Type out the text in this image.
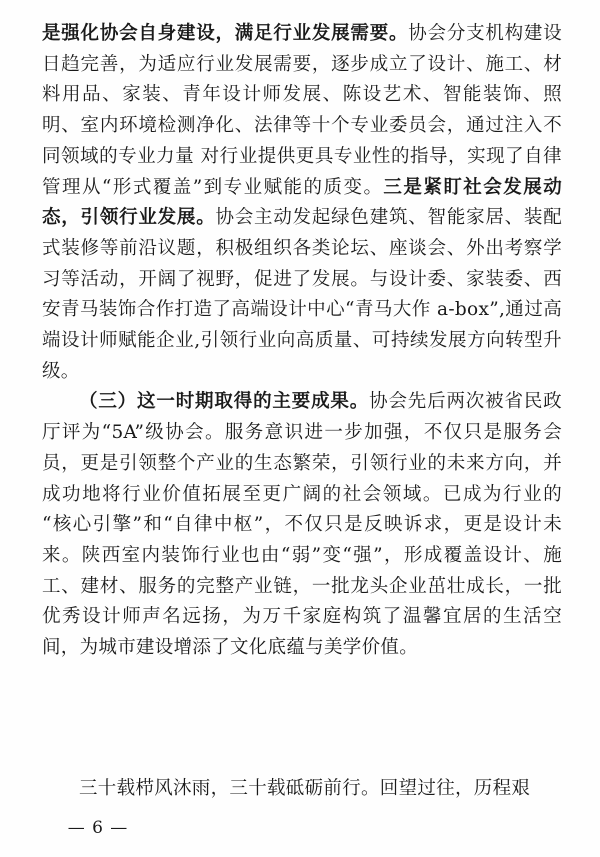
是强化协会自身建设，满足行业发展需要。协会分支机构建设日趋完善，为适应行业发展需要，逐步成立了设计、施工、材料用品、家装、青年设计师发展、陈设艺术、智能装饰、照明、室内环境检测净化、法律等十个专业委员会，通过注入不同领域的专业力量 对行业提供更具专业性的指导，实现了自律管理从“形式覆盖”到专业赋能的质变。三是紧盯社会发展动态，引领行业发展。协会主动发起绿色建筑、智能家居、装配式装修等前沿议题，积极组织各类论坛、座谈会、外出考察学习等活动，开阔了视野，促进了发展。与设计委、家装委、西安青马装饰合作打造了高端设计中心“青马大作 a-box”,通过高端设计师赋能企业,引领行业向高质量、可持续发展方向转型升级。

（三）这一时期取得的主要成果。协会先后两次被省民政厅评为“5A”级协会。服务意识进一步加强，不仅只是服务会员，更是引领整个产业的生态繁荣，引领行业的未来方向，并成功地将行业价值拓展至更广阔的社会领域。已成为行业的 “核心引擎”和“自律中枢”，不仅只是反映诉求，更是设计未来。陕西室内装饰行业也由“弱”变“强”，形成覆盖设计、施工、建材、服务的完整产业链，一批龙头企业茁壮成长，一批优秀设计师声名远扬，为万千家庭构筑了温馨宜居的生活空间，为城市建设增添了文化底蕴与美学价值。

三十载栉风沐雨，三十载砥砺前行。回望过往，历程艰
— 6 —
